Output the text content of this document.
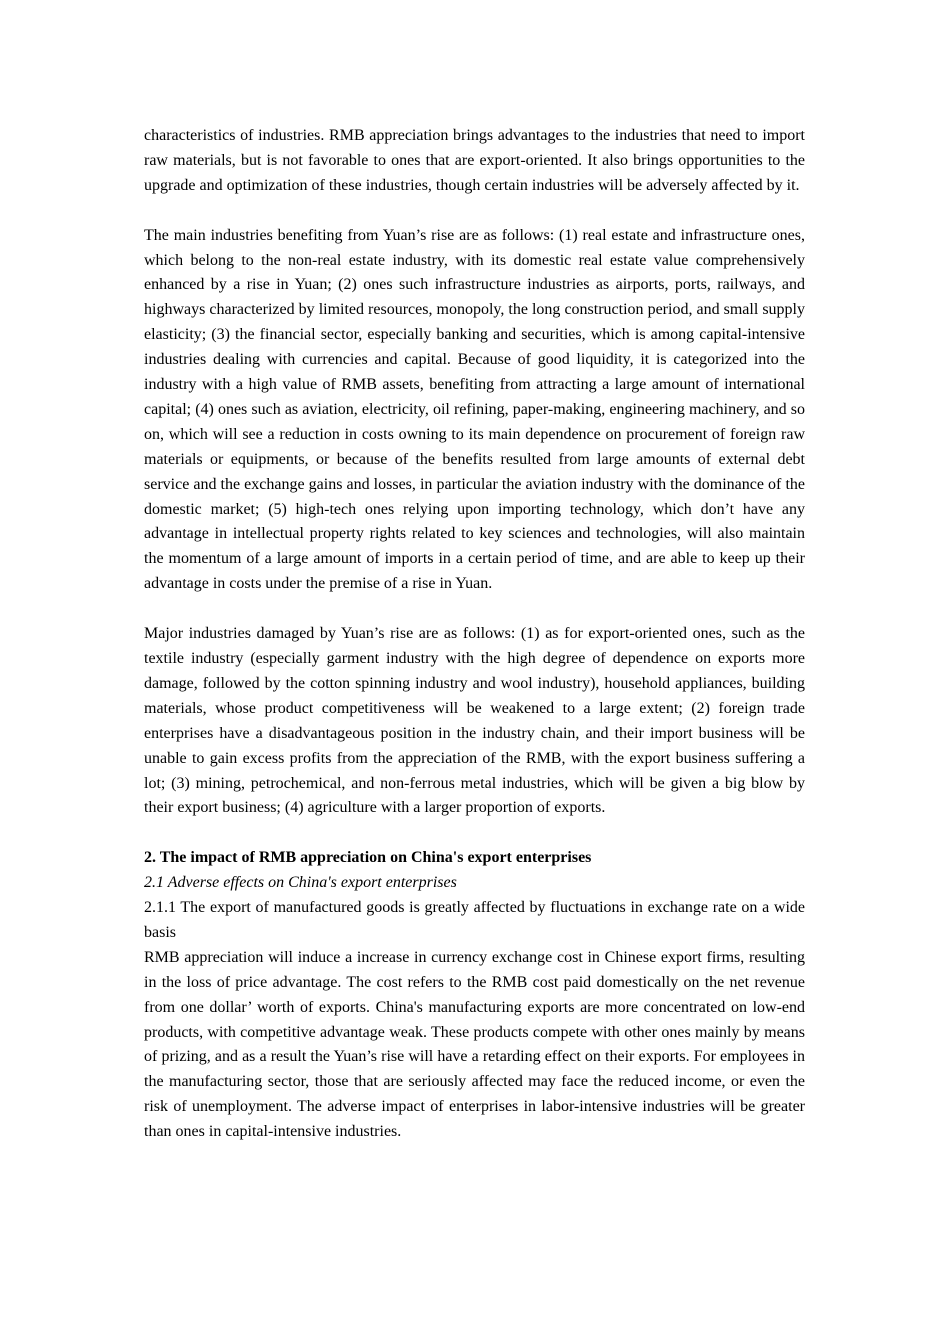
characteristics of industries. RMB appreciation brings advantages to the industries that need to import raw materials, but is not favorable to ones that are export-oriented. It also brings opportunities to the upgrade and optimization of these industries, though certain industries will be adversely affected by it.

The main industries benefiting from Yuan’s rise are as follows: (1) real estate and infrastructure ones, which belong to the non-real estate industry, with its domestic real estate value comprehensively enhanced by a rise in Yuan; (2) ones such infrastructure industries as airports, ports, railways, and highways characterized by limited resources, monopoly, the long construction period, and small supply elasticity; (3) the financial sector, especially banking and securities, which is among capital-intensive industries dealing with currencies and capital. Because of good liquidity, it is categorized into the industry with a high value of RMB assets, benefiting from attracting a large amount of international capital; (4) ones such as aviation, electricity, oil refining, paper-making, engineering machinery, and so on, which will see a reduction in costs owning to its main dependence on procurement of foreign raw materials or equipments, or because of the benefits resulted from large amounts of external debt service and the exchange gains and losses, in particular the aviation industry with the dominance of the domestic market; (5) high-tech ones relying upon importing technology, which don’t have any advantage in intellectual property rights related to key sciences and technologies, will also maintain the momentum of a large amount of imports in a certain period of time, and are able to keep up their advantage in costs under the premise of a rise in Yuan.

Major industries damaged by Yuan’s rise are as follows: (1) as for export-oriented ones, such as the textile industry (especially garment industry with the high degree of dependence on exports more damage, followed by the cotton spinning industry and wool industry), household appliances, building materials, whose product competitiveness will be weakened to a large extent; (2) foreign trade enterprises have a disadvantageous position in the industry chain, and their import business will be unable to gain excess profits from the appreciation of the RMB, with the export business suffering a lot; (3) mining, petrochemical, and non-ferrous metal industries, which will be given a big blow by their export business; (4) agriculture with a larger proportion of exports.

2. The impact of RMB appreciation on China's export enterprises

2.1 Adverse effects on China's export enterprises

2.1.1 The export of manufactured goods is greatly affected by fluctuations in exchange rate on a wide basis

RMB appreciation will induce a increase in currency exchange cost in Chinese export firms, resulting in the loss of price advantage. The cost refers to the RMB cost paid domestically on the net revenue from one dollar’ worth of exports. China's manufacturing exports are more concentrated on low-end products, with competitive advantage weak. These products compete with other ones mainly by means of prizing, and as a result the Yuan’s rise will have a retarding effect on their exports. For employees in the manufacturing sector, those that are seriously affected may face the reduced income, or even the risk of unemployment. The adverse impact of enterprises in labor-intensive industries will be greater than ones in capital-intensive industries.
